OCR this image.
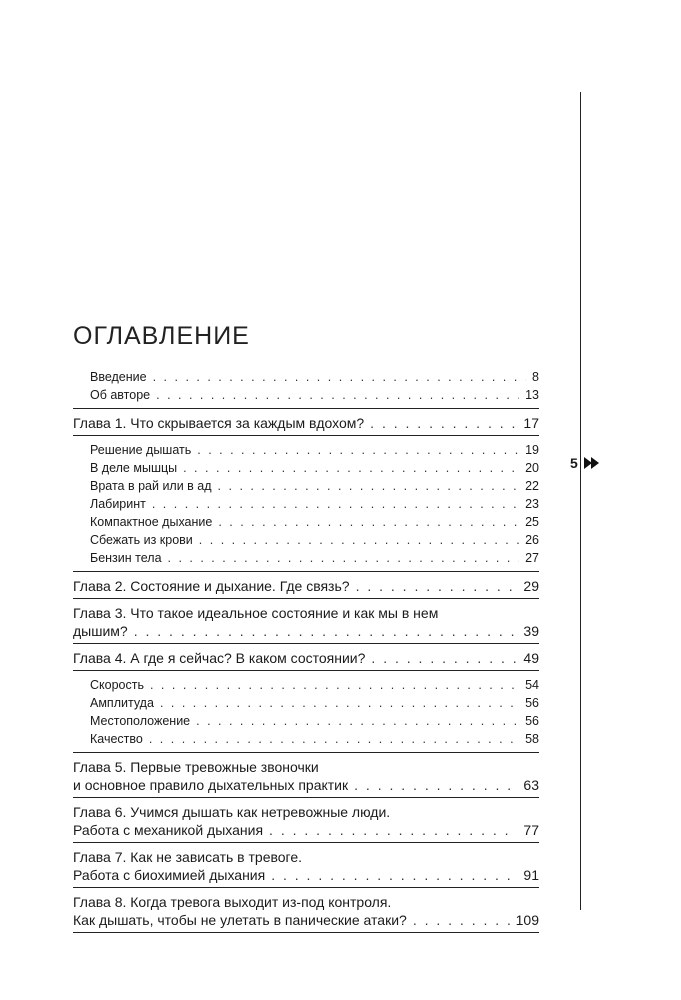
5
ОГЛАВЛЕНИЕ
Введение . . .	8
Об авторе . . .	13
Глава 1. Что скрывается за каждым вдохом? . . .	17
Решение дышать . . .	19
В деле мышцы . . .	20
Врата в рай или в ад . . .	22
Лабиринт . . .	23
Компактное дыхание . . .	25
Сбежать из крови . . .	26
Бензин тела . . .	27
Глава 2. Состояние и дыхание. Где связь? . . .	29
Глава 3. Что такое идеальное состояние и как мы в нем
дышим? . . .	39
Глава 4. А где я сейчас? В каком состоянии? . . .	49
Скорость . . .	54
Амплитуда . . .	56
Местоположение . . .	56
Качество . . .	58
Глава 5. Первые тревожные звоночки
и основное правило дыхательных практик . . .	63
Глава 6. Учимся дышать как нетревожные люди.
Работа с механикой дыхания . . .	77
Глава 7. Как не зависать в тревоге.
Работа с биохимией дыхания . . .	91
Глава 8. Когда тревога выходит из-под контроля.
Как дышать, чтобы не улетать в панические атаки? . . .	109
